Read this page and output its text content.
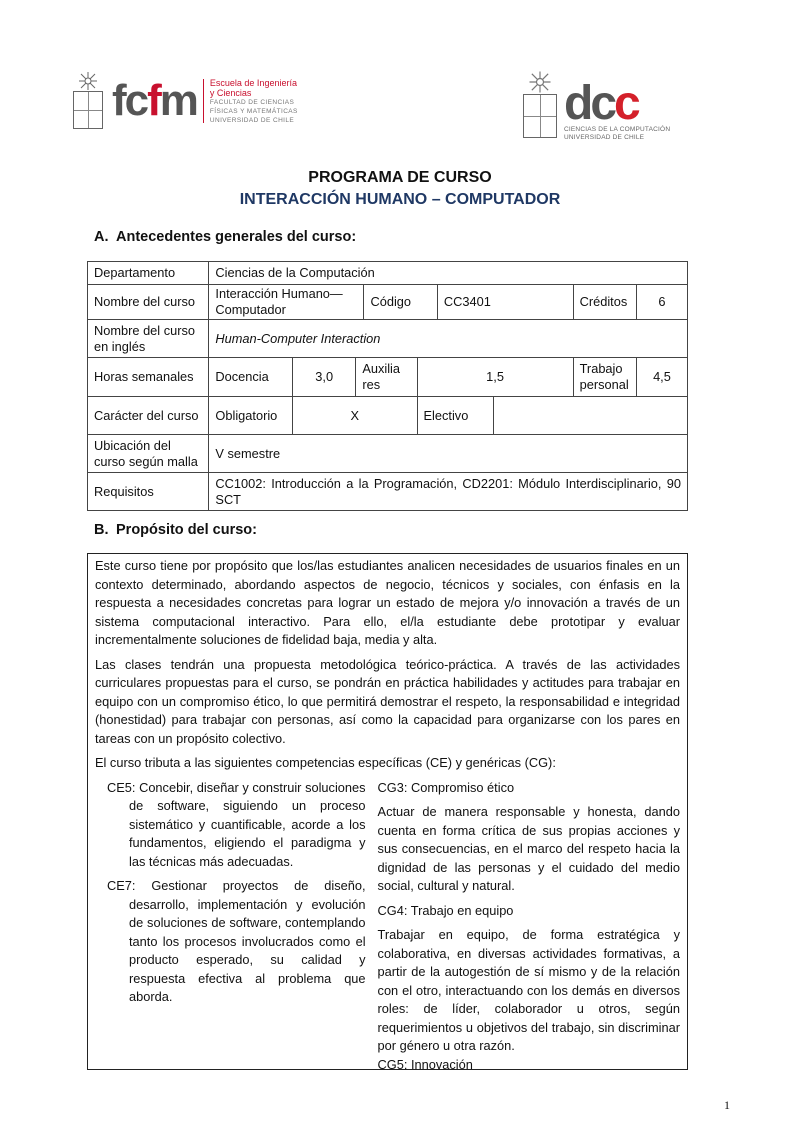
fcfm Escuela de Ingeniería
y Ciencias
FACULTAD DE CIENCIAS
FÍSICAS Y MATEMÁTICAS
UNIVERSIDAD DE CHILE	dcc
CIENCIAS DE LA COMPUTACIÓN
UNIVERSIDAD DE CHILE
PROGRAMA DE CURSO
INTERACCIÓN HUMANO – COMPUTADOR
A. Antecedentes generales del curso:
Departamento	Ciencias de la Computación								
Nombre del curso	Interacción Humano—Computador			Código		CC3401		Créditos	6
Nombre del curso en inglés	Human-Computer Interaction								
Horas semanales	Docencia	3,0	Auxilia res		1,5			Trabajo personal	4,5
Carácter del curso	Obligatorio	X			Electivo				
Ubicación del curso según malla	V semestre								
Requisitos	CC1002: Introducción a la Programación, CD2201: Módulo Interdisciplinario, 90 SCT								
B. Propósito del curso:

Este curso tiene por propósito que los/las estudiantes analicen necesidades de usuarios finales en un contexto determinado, abordando aspectos de negocio, técnicos y sociales, con énfasis en la respuesta a necesidades concretas para lograr un estado de mejora y/o innovación a través de un sistema computacional interactivo. Para ello, el/la estudiante debe prototipar y evaluar incrementalmente soluciones de fidelidad baja, media y alta.

Las clases tendrán una propuesta metodológica teórico-práctica. A través de las actividades curriculares propuestas para el curso, se pondrán en práctica habilidades y actitudes para trabajar en equipo con un compromiso ético, lo que permitirá demostrar el respeto, la responsabilidad e integridad (honestidad) para trabajar con personas, así como la capacidad para organizarse con los pares en tareas con un propósito colectivo.

El curso tributa a las siguientes competencias específicas (CE) y genéricas (CG):

CE5: Concebir, diseñar y construir soluciones de software, siguiendo un proceso sistemático y cuantificable, acorde a los fundamentos, eligiendo el paradigma y las técnicas más adecuadas.

CE7: Gestionar proyectos de diseño, desarrollo, implementación y evolución de soluciones de software, contemplando tanto los procesos involucrados como el producto esperado, su calidad y respuesta efectiva al problema que aborda.

CG3: Compromiso ético

Actuar de manera responsable y honesta, dando cuenta en forma crítica de sus propias acciones y sus consecuencias, en el marco del respeto hacia la dignidad de las personas y el cuidado del medio social, cultural y natural.

CG4: Trabajo en equipo

Trabajar en equipo, de forma estratégica y colaborativa, en diversas actividades formativas, a partir de la autogestión de sí mismo y de la relación con el otro, interactuando con los demás en diversos roles: de líder, colaborador u otros, según requerimientos u objetivos del trabajo, sin discriminar por género u otra razón.

CG5: Innovación

1
